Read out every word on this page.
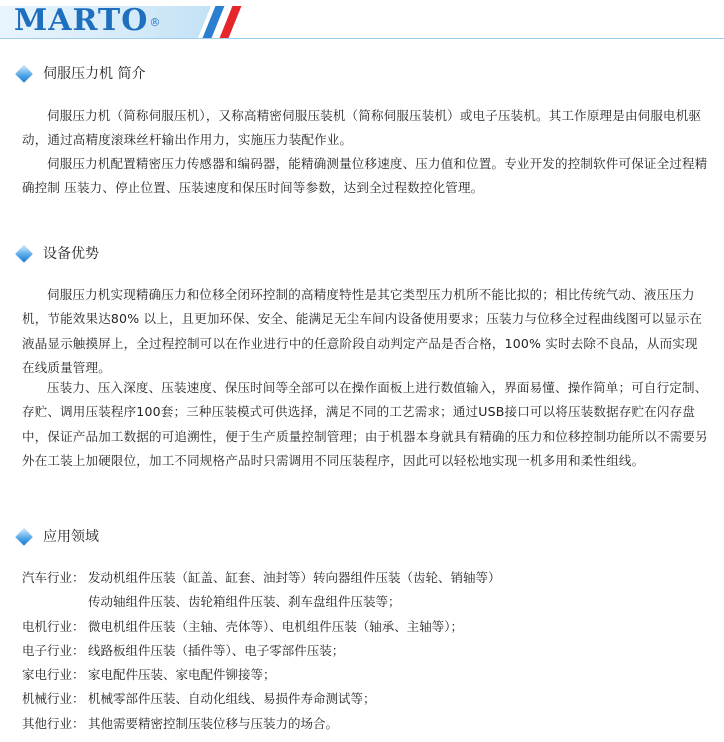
MARTO®
伺服压力机 简介

伺服压力机（简称伺服压机），又称高精密伺服压装机（简称伺服压装机）或电子压装机。其工作原理是由伺服电机驱动，通过高精度滚珠丝杆输出作用力，实施压力装配作业。

伺服压力机配置精密压力传感器和编码器，能精确测量位移速度、压力值和位置。专业开发的控制软件可保证全过程精确控制 压装力、停止位置、压装速度和保压时间等参数，达到全过程数控化管理。

设备优势

伺服压力机实现精确压力和位移全闭环控制的高精度特性是其它类型压力机所不能比拟的；相比传统气动、液压压力机，节能效果达80% 以上，且更加环保、安全、能满足无尘车间内设备使用要求；压装力与位移全过程曲线图可以显示在液晶显示触摸屏上，全过程控制可以在作业进行中的任意阶段自动判定产品是否合格，100% 实时去除不良品，从而实现在线质量管理。

压装力、压入深度、压装速度、保压时间等全部可以在操作面板上进行数值输入，界面易懂、操作简单；可自行定制、存贮、调用压装程序100套；三种压装模式可供选择，满足不同的工艺需求；通过USB接口可以将压装数据存贮在闪存盘中，保证产品加工数据的可追溯性，便于生产质量控制管理；由于机器本身就具有精确的压力和位移控制功能所以不需要另外在工装上加硬限位，加工不同规格产品时只需调用不同压装程序，因此可以轻松地实现一机多用和柔性组线。

应用领域
汽车行业： 发动机组件压装（缸盖、缸套、油封等）转向器组件压装（齿轮、销轴等）
传动轴组件压装、齿轮箱组件压装、刹车盘组件压装等；
电机行业： 微电机组件压装（主轴、壳体等）、电机组件压装（轴承、主轴等）；
电子行业： 线路板组件压装（插件等）、电子零部件压装；
家电行业： 家电配件压装、家电配件铆接等；
机械行业： 机械零部件压装、自动化组线、易损件寿命测试等；
其他行业： 其他需要精密控制压装位移与压装力的场合。
